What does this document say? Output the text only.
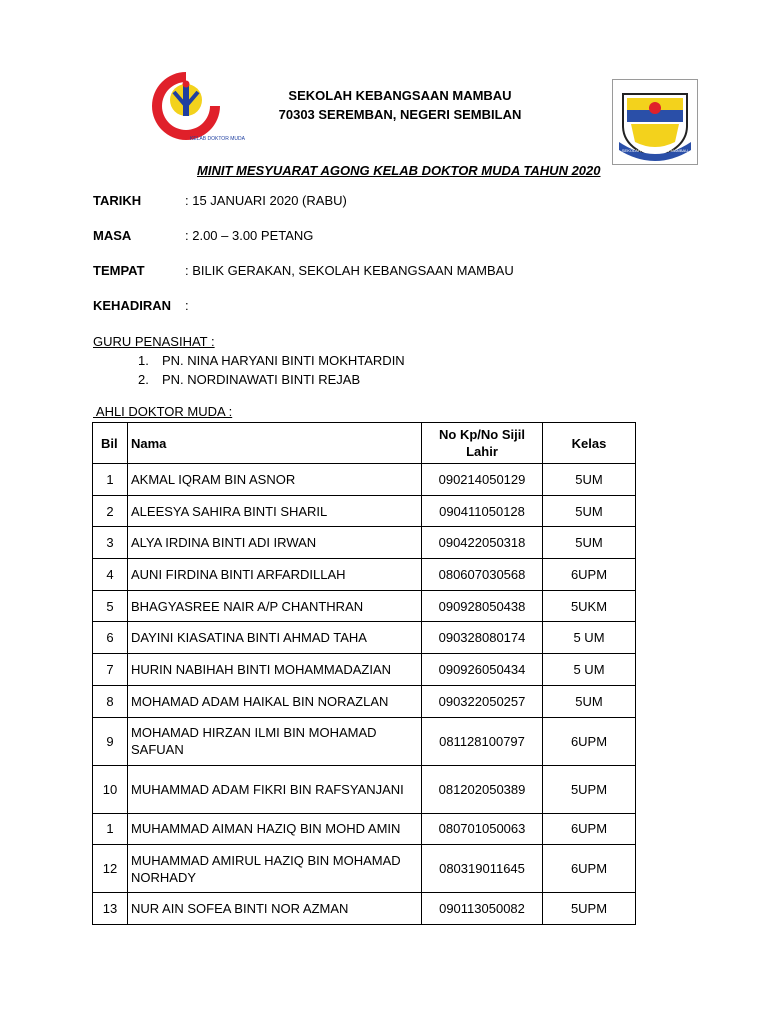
KELAB DOKTOR MUDA
SEKOLAH KEBANGSAAN MAMBAU
SEKOLAH KEBANGSAAN MAMBAU
70303 SEREMBAN, NEGERI SEMBILAN
MINIT MESYUARAT AGONG KELAB DOKTOR MUDA TAHUN 2020
TARIKH	: 15 JANUARI 2020 (RABU)
MASA	: 2.00 – 3.00 PETANG
TEMPAT	: BILIK GERAKAN, SEKOLAH KEBANGSAAN MAMBAU
KEHADIRAN :
GURU PENASIHAT :
1. PN. NINA HARYANI BINTI MOKHTARDIN
2. PN. NORDINAWATI BINTI REJAB
AHLI DOKTOR MUDA :
Bil	Nama	No Kp/No Sijil Lahir	Kelas
1	AKMAL IQRAM BIN ASNOR	090214050129	5UM
2	ALEESYA SAHIRA BINTI SHARIL	090411050128	5UM
3	ALYA IRDINA BINTI ADI IRWAN	090422050318	5UM
4	AUNI FIRDINA BINTI ARFARDILLAH	080607030568	6UPM
5	BHAGYASREE NAIR A/P CHANTHRAN	090928050438	5UKM
6	DAYINI KIASATINA BINTI AHMAD TAHA	090328080174	5 UM
7	HURIN NABIHAH BINTI MOHAMMADAZIAN	090926050434	5 UM
8	MOHAMAD ADAM HAIKAL BIN NORAZLAN	090322050257	5UM
9	MOHAMAD HIRZAN ILMI BIN MOHAMAD SAFUAN	081128100797	6UPM
10	MUHAMMAD ADAM FIKRI BIN RAFSYANJANI	081202050389	5UPM
1	MUHAMMAD AIMAN HAZIQ BIN MOHD AMIN	080701050063	6UPM
12	MUHAMMAD AMIRUL HAZIQ BIN MOHAMAD NORHADY	080319011645	6UPM
13	NUR AIN SOFEA BINTI NOR AZMAN	090113050082	5UPM
